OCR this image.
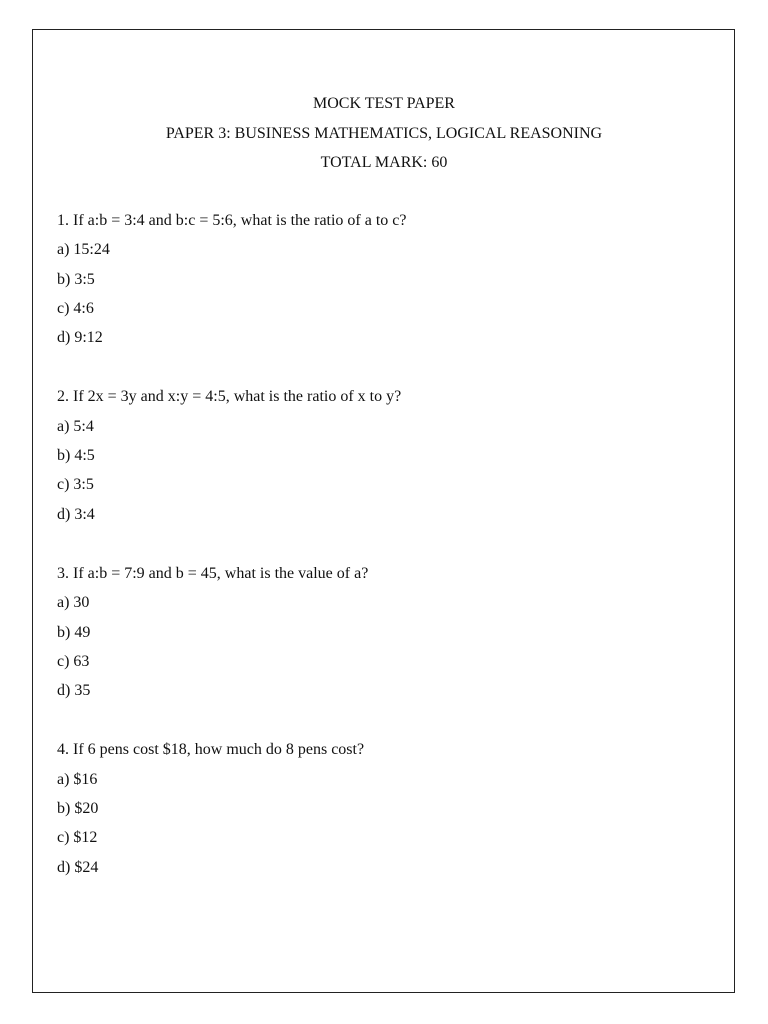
MOCK TEST PAPER
PAPER 3: BUSINESS MATHEMATICS, LOGICAL REASONING
TOTAL MARK: 60
1. If a:b = 3:4 and b:c = 5:6, what is the ratio of a to c?
a) 15:24
b) 3:5
c) 4:6
d) 9:12
2. If 2x = 3y and x:y = 4:5, what is the ratio of x to y?
a) 5:4
b) 4:5
c) 3:5
d) 3:4
3. If a:b = 7:9 and b = 45, what is the value of a?
a) 30
b) 49
c) 63
d) 35
4. If 6 pens cost $18, how much do 8 pens cost?
a) $16
b) $20
c) $12
d) $24
